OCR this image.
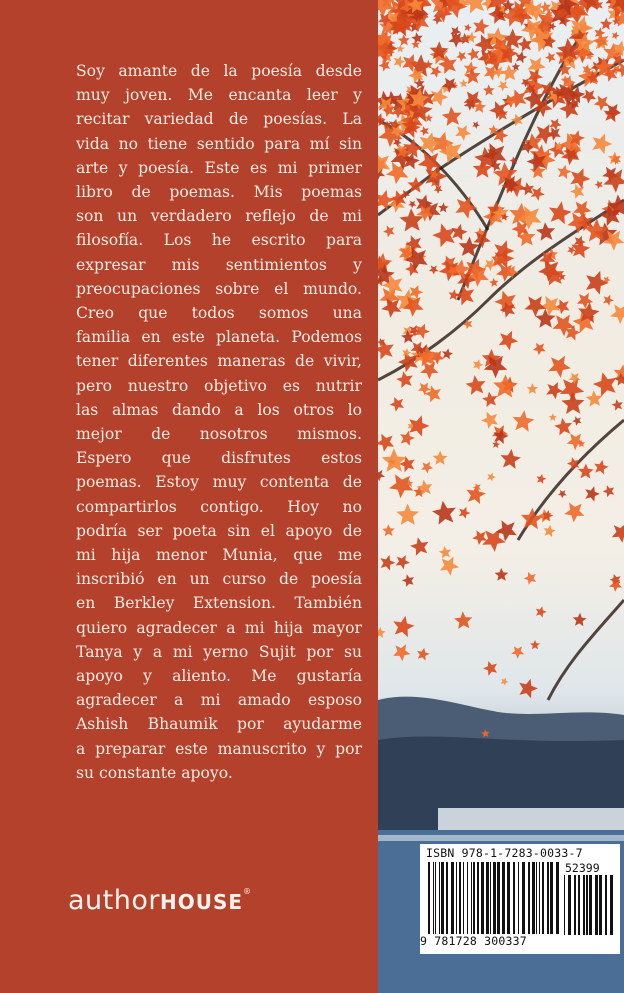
Soy amante de la poesía desde
muy joven. Me encanta leer y
recitar variedad de poesías. La
vida no tiene sentido para mí sin
arte y poesía. Este es mi primer
libro de poemas. Mis poemas
son un verdadero reflejo de mi
filosofía. Los he escrito para
expresar mis sentimientos y
preocupaciones sobre el mundo.
Creo que todos somos una
familia en este planeta. Podemos
tener diferentes maneras de vivir,
pero nuestro objetivo es nutrir
las almas dando a los otros lo
mejor de nosotros mismos.
Espero que disfrutes estos
poemas. Estoy muy contenta de
compartirlos contigo. Hoy no
podría ser poeta sin el apoyo de
mi hija menor Munia, que me
inscribió en un curso de poesía
en Berkley Extension. También
quiero agradecer a mi hija mayor
Tanya y a mi yerno Sujit por su
apoyo y aliento. Me gustaría
agradecer a mi amado esposo
Ashish Bhaumik por ayudarme
a preparar este manuscrito y por
su constante apoyo.
authorHOUSE®
ISBN 978-1-7283-0033-7
52399
9 781728 300337
